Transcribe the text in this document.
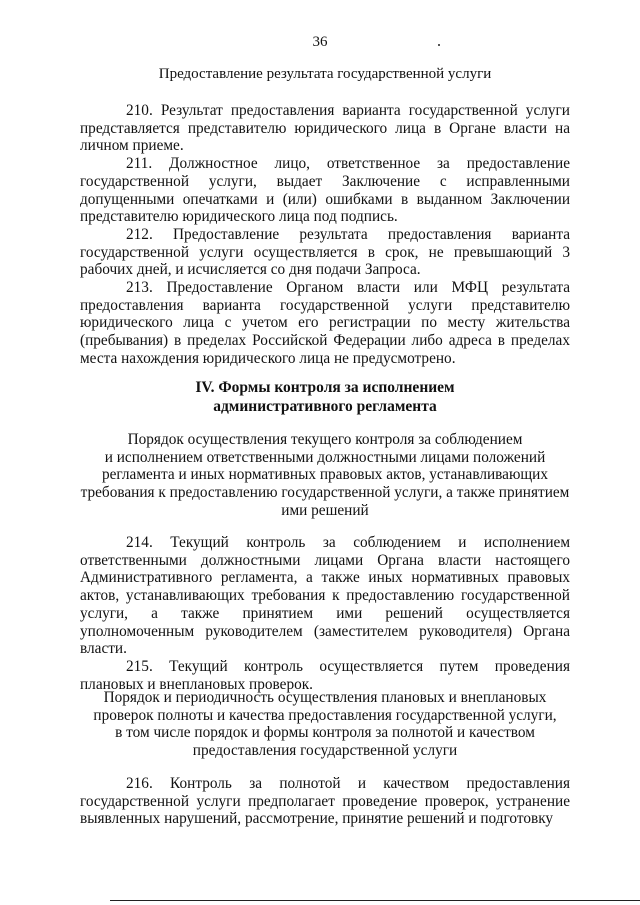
36
Предоставление результата государственной услуги

210. Результат предоставления варианта государственной услуги представляется представителю юридического лица в Органе власти на личном приеме.

211. Должностное лицо, ответственное за предоставление государственной услуги, выдает Заключение с исправленными допущенными опечатками и (или) ошибками в выданном Заключении представителю юридического лица под подпись.

212. Предоставление результата предоставления варианта государственной услуги осуществляется в срок, не превышающий 3 рабочих дней, и исчисляется со дня подачи Запроса.

213. Предоставление Органом власти или МФЦ результата предоставления варианта государственной услуги представителю юридического лица с учетом его регистрации по месту жительства (пребывания) в пределах Российской Федерации либо адреса в пределах места нахождения юридического лица не предусмотрено.

IV. Формы контроля за исполнением
административного регламента
Порядок осуществления текущего контроля за соблюдением
и исполнением ответственными должностными лицами положений
регламента и иных нормативных правовых актов, устанавливающих
требования к предоставлению государственной услуги, а также принятием
ими решений

214. Текущий контроль за соблюдением и исполнением ответственными должностными лицами Органа власти настоящего Административного регламента, а также иных нормативных правовых актов, устанавливающих требования к предоставлению государственной услуги, а также принятием ими решений осуществляется уполномоченным руководителем (заместителем руководителя) Органа власти.

215. Текущий контроль осуществляется путем проведения плановых и внеплановых проверок.

Порядок и периодичность осуществления плановых и внеплановых
проверок полноты и качества предоставления государственной услуги,
в том числе порядок и формы контроля за полнотой и качеством
предоставления государственной услуги

216. Контроль за полнотой и качеством предоставления государственной услуги предполагает проведение проверок, устранение выявленных нарушений, рассмотрение, принятие решений и подготовку
